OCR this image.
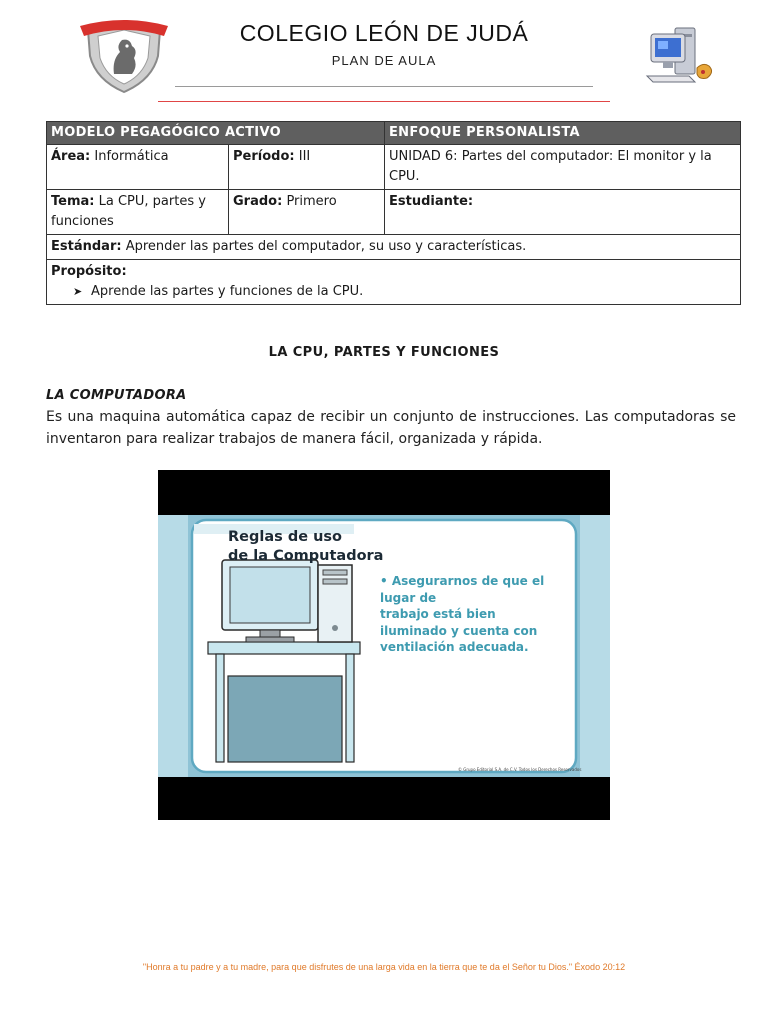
COLEGIO LEÓN DE JUDÁ
PLAN DE AULA
MODELO PEGAGÓGICO ACTIVO		ENFOQUE PERSONALISTA
Área: Informática	Período: III	UNIDAD 6: Partes del computador: El monitor y la CPU.
Tema: La CPU, partes y funciones	Grado: Primero	Estudiante:
Estándar: Aprender las partes del computador, su uso y características.		

Propósito:
➤ Aprende las partes y funciones de la CPU.		
LA CPU, PARTES Y FUNCIONES
LA COMPUTADORA
Es una maquina automática capaz de recibir un conjunto de instrucciones. Las computadoras se inventaron para realizar trabajos de manera fácil, organizada y rápida.
Reglas de uso
de la Computadora

• Asegurarnos de que el

lugar de

trabajo está bien

iluminado y cuenta con

ventilación adecuada.

© Grupo Editorial S.A. de C.V. Todos los Derechos Reservados
"Honra a tu padre y a tu madre, para que disfrutes de una larga vida en la tierra que te da el Señor tu Dios." Éxodo 20:12
